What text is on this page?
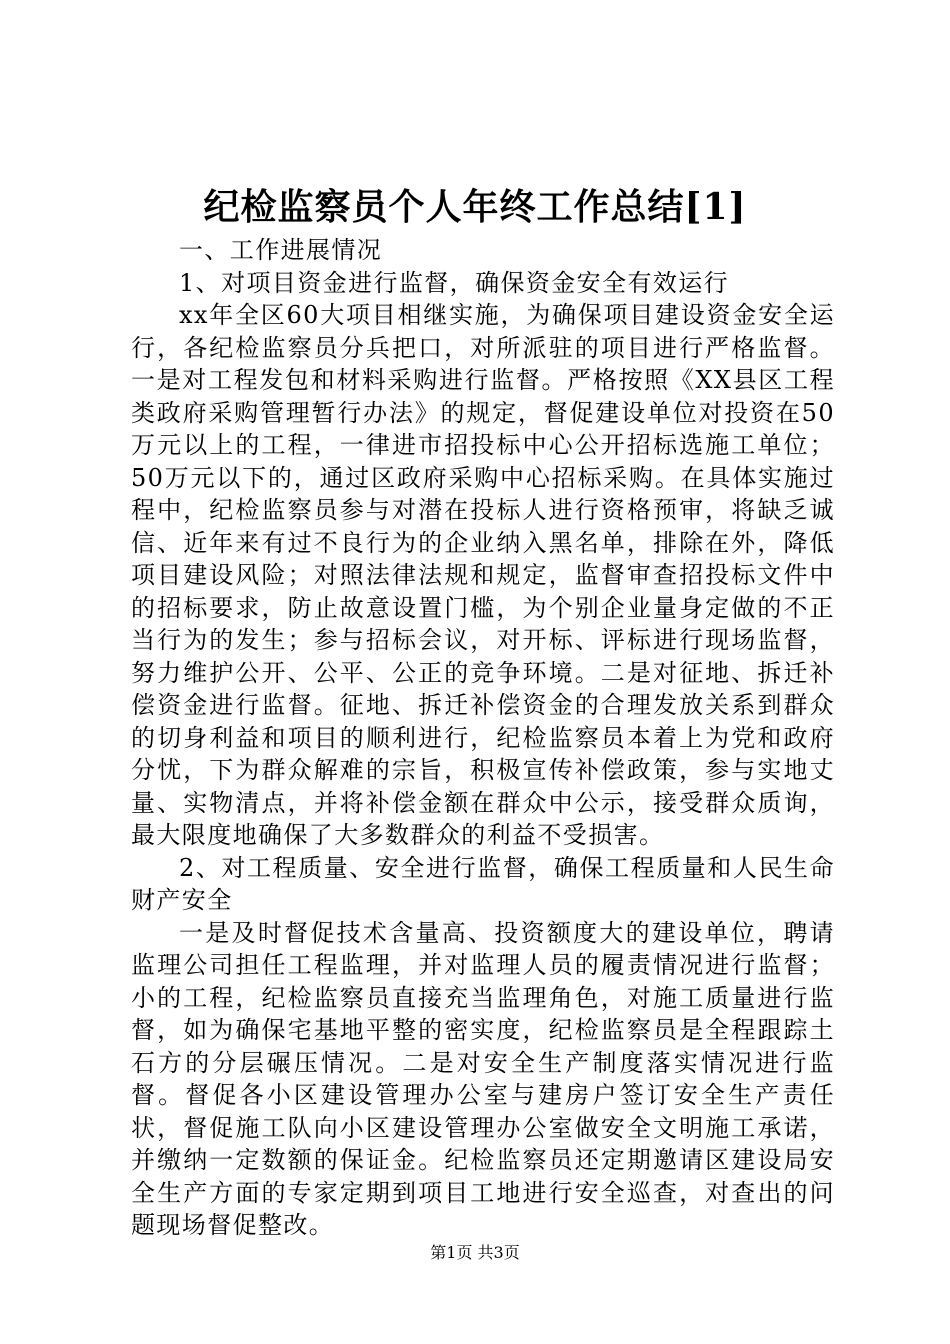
纪检监察员个人年终工作总结[1]

一、工作进展情况

1、对项目资金进行监督，确保资金安全有效运行

xx年全区60大项目相继实施，为确保项目建设资金安全运行，各纪检监察员分兵把口，对所派驻的项目进行严格监督。一是对工程发包和材料采购进行监督。严格按照《XX县区工程类政府采购管理暂行办法》的规定，督促建设单位对投资在50万元以上的工程，一律进市招投标中心公开招标选施工单位；50万元以下的，通过区政府采购中心招标采购。在具体实施过程中，纪检监察员参与对潜在投标人进行资格预审，将缺乏诚信、近年来有过不良行为的企业纳入黑名单，排除在外，降低项目建设风险；对照法律法规和规定，监督审查招投标文件中的招标要求，防止故意设置门槛，为个别企业量身定做的不正当行为的发生；参与招标会议，对开标、评标进行现场监督，努力维护公开、公平、公正的竞争环境。二是对征地、拆迁补偿资金进行监督。征地、拆迁补偿资金的合理发放关系到群众的切身利益和项目的顺利进行，纪检监察员本着上为党和政府分忧，下为群众解难的宗旨，积极宣传补偿政策，参与实地丈量、实物清点，并将补偿金额在群众中公示，接受群众质询，最大限度地确保了大多数群众的利益不受损害。

2、对工程质量、安全进行监督，确保工程质量和人民生命财产安全

一是及时督促技术含量高、投资额度大的建设单位，聘请监理公司担任工程监理，并对监理人员的履责情况进行监督；小的工程，纪检监察员直接充当监理角色，对施工质量进行监督，如为确保宅基地平整的密实度，纪检监察员是全程跟踪土石方的分层碾压情况。二是对安全生产制度落实情况进行监督。督促各小区建设管理办公室与建房户签订安全生产责任状，督促施工队向小区建设管理办公室做安全文明施工承诺，并缴纳一定数额的保证金。纪检监察员还定期邀请区建设局安全生产方面的专家定期到项目工地进行安全巡查，对查出的问题现场督促整改。

第1页 共3页
